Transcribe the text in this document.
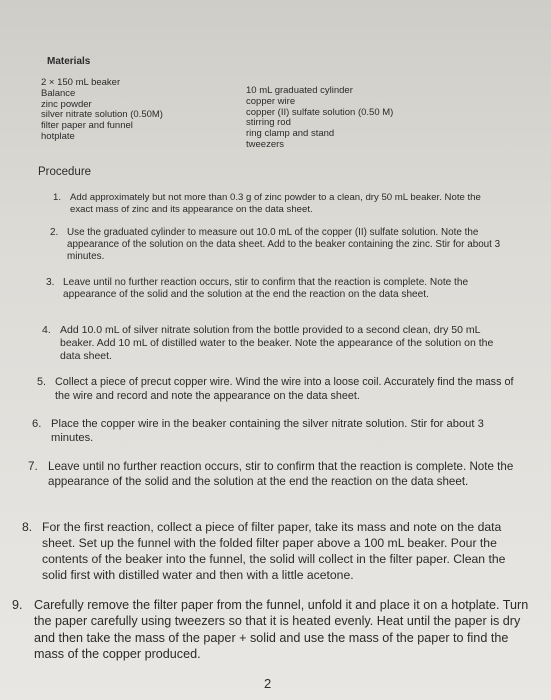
Materials
2 × 150 mL beaker
Balance
zinc powder
silver nitrate solution (0.50M)
filter paper and funnel
hotplate
10 mL graduated cylinder
copper wire
copper (II) sulfate solution (0.50 M)
stirring rod
ring clamp and stand
tweezers
Procedure
1. Add approximately but not more than 0.3 g of zinc powder to a clean, dry 50 mL beaker. Note the exact mass of zinc and its appearance on the data sheet.
2. Use the graduated cylinder to measure out 10.0 mL of the copper (II) sulfate solution. Note the appearance of the solution on the data sheet. Add to the beaker containing the zinc. Stir for about 3 minutes.
3. Leave until no further reaction occurs, stir to confirm that the reaction is complete. Note the appearance of the solid and the solution at the end the reaction on the data sheet.
4. Add 10.0 mL of silver nitrate solution from the bottle provided to a second clean, dry 50 mL beaker. Add 10 mL of distilled water to the beaker. Note the appearance of the solution on the data sheet.
5. Collect a piece of precut copper wire. Wind the wire into a loose coil. Accurately find the mass of the wire and record and note the appearance on the data sheet.
6. Place the copper wire in the beaker containing the silver nitrate solution. Stir for about 3 minutes.
7. Leave until no further reaction occurs, stir to confirm that the reaction is complete. Note the appearance of the solid and the solution at the end the reaction on the data sheet.
8. For the first reaction, collect a piece of filter paper, take its mass and note on the data sheet. Set up the funnel with the folded filter paper above a 100 mL beaker. Pour the contents of the beaker into the funnel, the solid will collect in the filter paper. Clean the solid first with distilled water and then with a little acetone.
9. Carefully remove the filter paper from the funnel, unfold it and place it on a hotplate. Turn the paper carefully using tweezers so that it is heated evenly. Heat until the paper is dry and then take the mass of the paper + solid and use the mass of the paper to find the mass of the copper produced.
2
